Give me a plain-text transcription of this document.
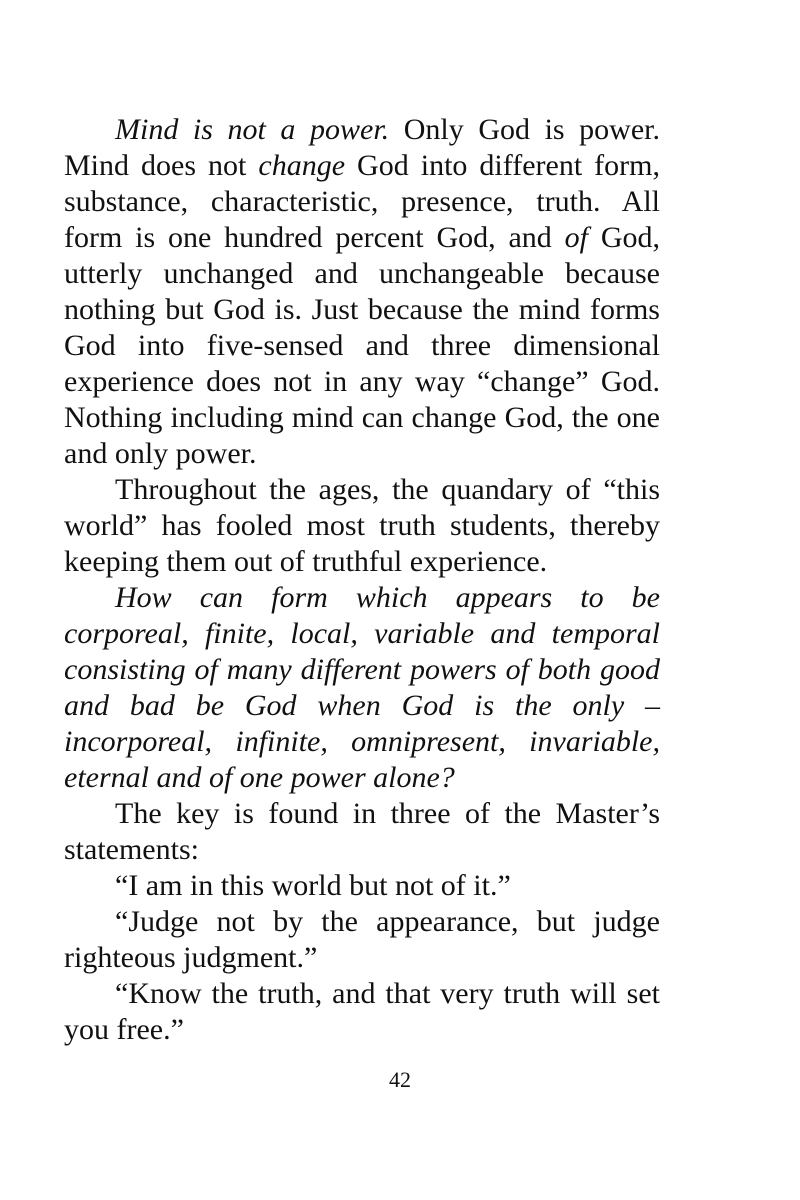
Mind is not a power. Only God is power. Mind does not change God into different form, substance, characteristic, presence, truth. All form is one hundred percent God, and of God, utterly unchanged and unchangeable because nothing but God is. Just because the mind forms God into five-sensed and three dimensional experience does not in any way “change” God. Nothing including mind can change God, the one and only power.

Throughout the ages, the quandary of “this world” has fooled most truth students, thereby keeping them out of truthful experience.

How can form which appears to be corporeal, finite, local, variable and temporal consisting of many different powers of both good and bad be God when God is the only – incorporeal, infinite, omnipresent, invariable, eternal and of one power alone?

The key is found in three of the Master’s statements:

“I am in this world but not of it.”

“Judge not by the appearance, but judge righteous judgment.”

“Know the truth, and that very truth will set you free.”

42
